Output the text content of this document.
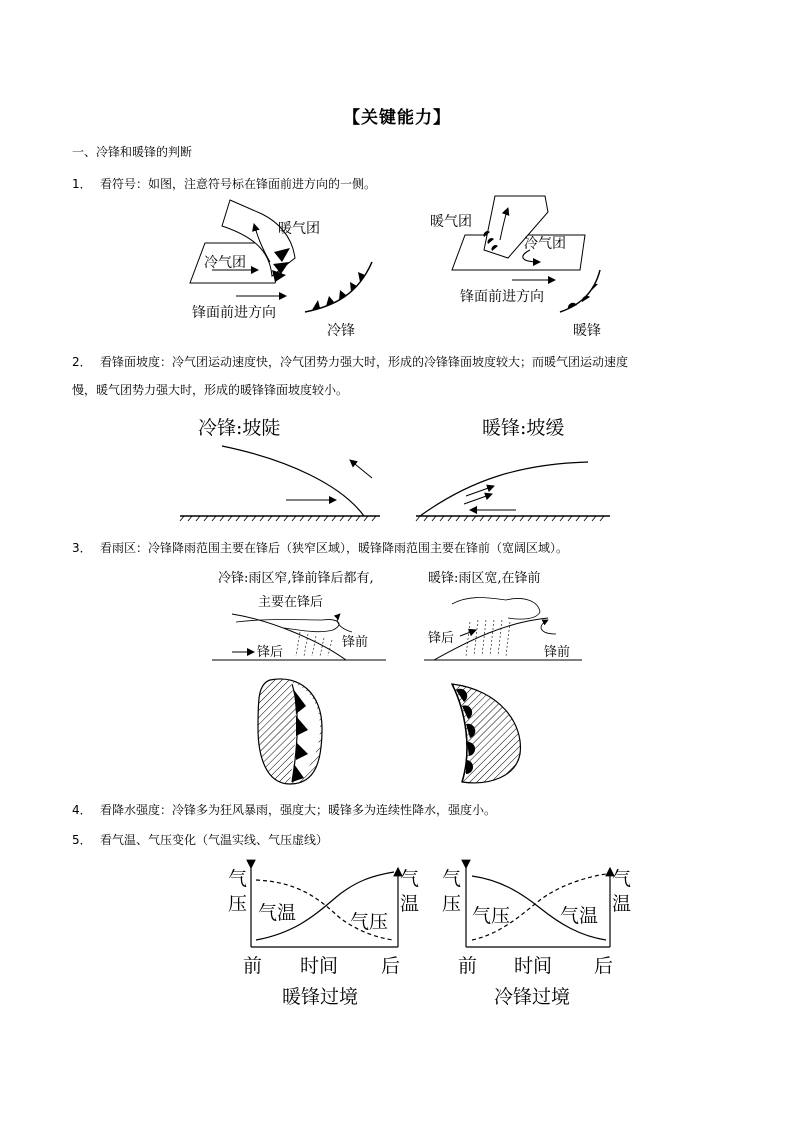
【关键能力】
一、冷锋和暖锋的判断
1． 看符号：如图，注意符号标在锋面前进方向的一侧。
暖气团
冷气团
锋面前进方向
冷锋
暖气团
冷气团
锋面前进方向
暖锋
2． 看锋面坡度：冷气团运动速度快，冷气团势力强大时，形成的冷锋锋面坡度较大；而暖气团运动速度
慢，暖气团势力强大时，形成的暖锋锋面坡度较小。
冷锋:坡陡	暖锋:坡缓
3． 看雨区：冷锋降雨范围主要在锋后（狭窄区域），暖锋降雨范围主要在锋前（宽阔区域）。
冷锋:雨区窄,锋前锋后都有,	暖锋:雨区宽,在锋前
主要在锋后
锋后
锋前	锋后
锋前
4． 看降水强度：冷锋多为狂风暴雨，强度大；暖锋多为连续性降水，强度小。
5． 看气温、气压变化（气温实线、气压虚线）
气
压
气
温
气温	气压
前 时间 后
暖锋过境
气
压
气
温
气压	气温
前 时间 后
冷锋过境
